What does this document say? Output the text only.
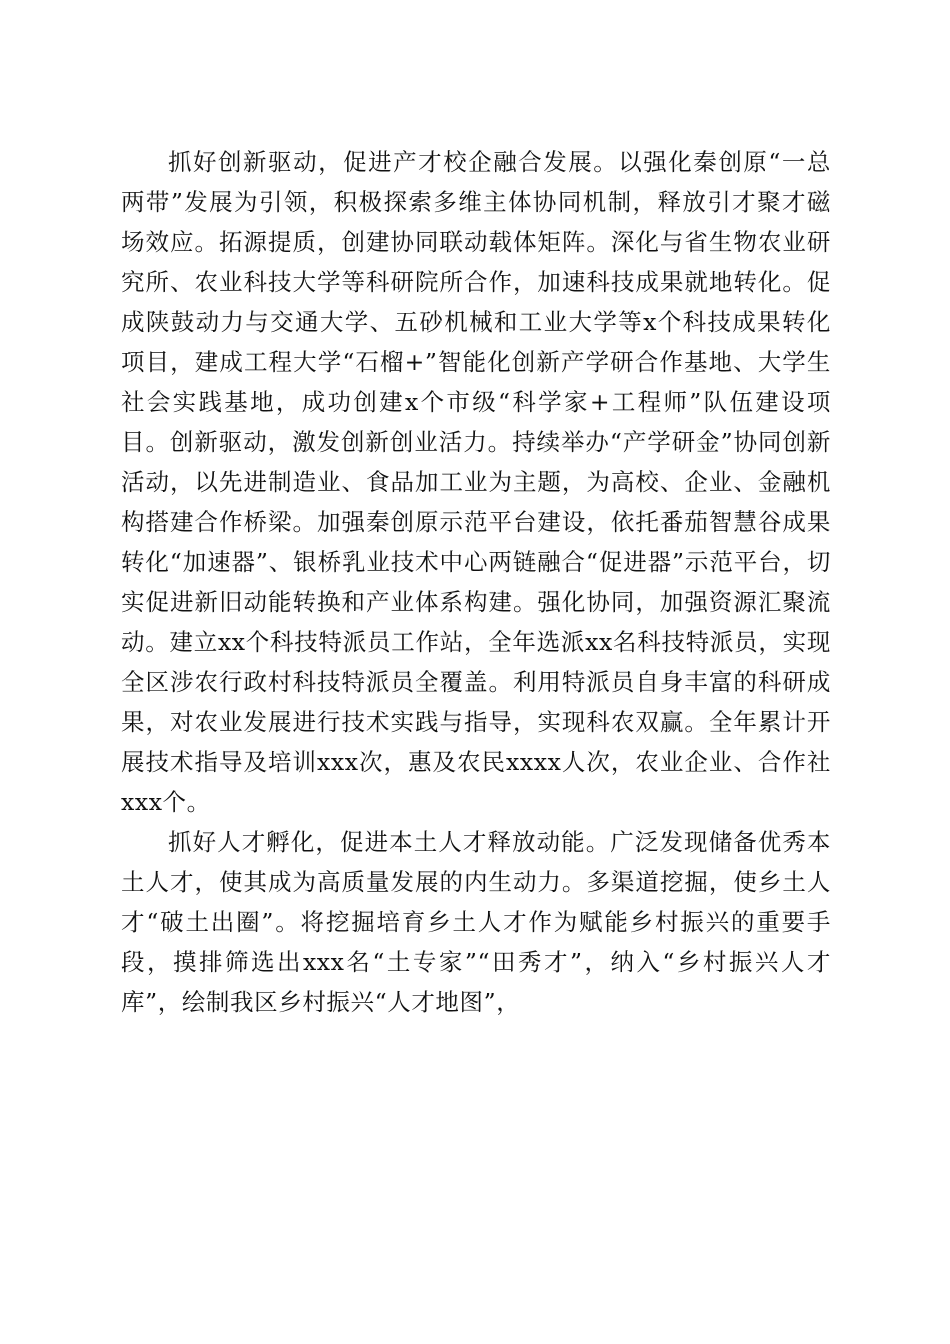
抓好创新驱动，促进产才校企融合发展。以强化秦创原“一总两带”发展为引领，积极探索多维主体协同机制，释放引才聚才磁场效应。拓源提质，创建协同联动载体矩阵。深化与省生物农业研究所、农业科技大学等科研院所合作，加速科技成果就地转化。促成陕鼓动力与交通大学、五砂机械和工业大学等x个科技成果转化项目，建成工程大学“石榴+”智能化创新产学研合作基地、大学生社会实践基地，成功创建x个市级“科学家+工程师”队伍建设项目。创新驱动，激发创新创业活力。持续举办“产学研金”协同创新活动，以先进制造业、食品加工业为主题，为高校、企业、金融机构搭建合作桥梁。加强秦创原示范平台建设，依托番茄智慧谷成果转化“加速器”、银桥乳业技术中心两链融合“促进器”示范平台，切实促进新旧动能转换和产业体系构建。强化协同，加强资源汇聚流动。建立xx个科技特派员工作站，全年选派xx名科技特派员，实现全区涉农行政村科技特派员全覆盖。利用特派员自身丰富的科研成果，对农业发展进行技术实践与指导，实现科农双赢。全年累计开展技术指导及培训xxx次，惠及农民xxxx人次，农业企业、合作社xxx个。

抓好人才孵化，促进本土人才释放动能。广泛发现储备优秀本土人才，使其成为高质量发展的内生动力。多渠道挖掘，使乡土人才“破土出圈”。将挖掘培育乡土人才作为赋能乡村振兴的重要手段，摸排筛选出xxx名“土专家”“田秀才”，纳入“乡村振兴人才库”，绘制我区乡村振兴“人才地图”，
